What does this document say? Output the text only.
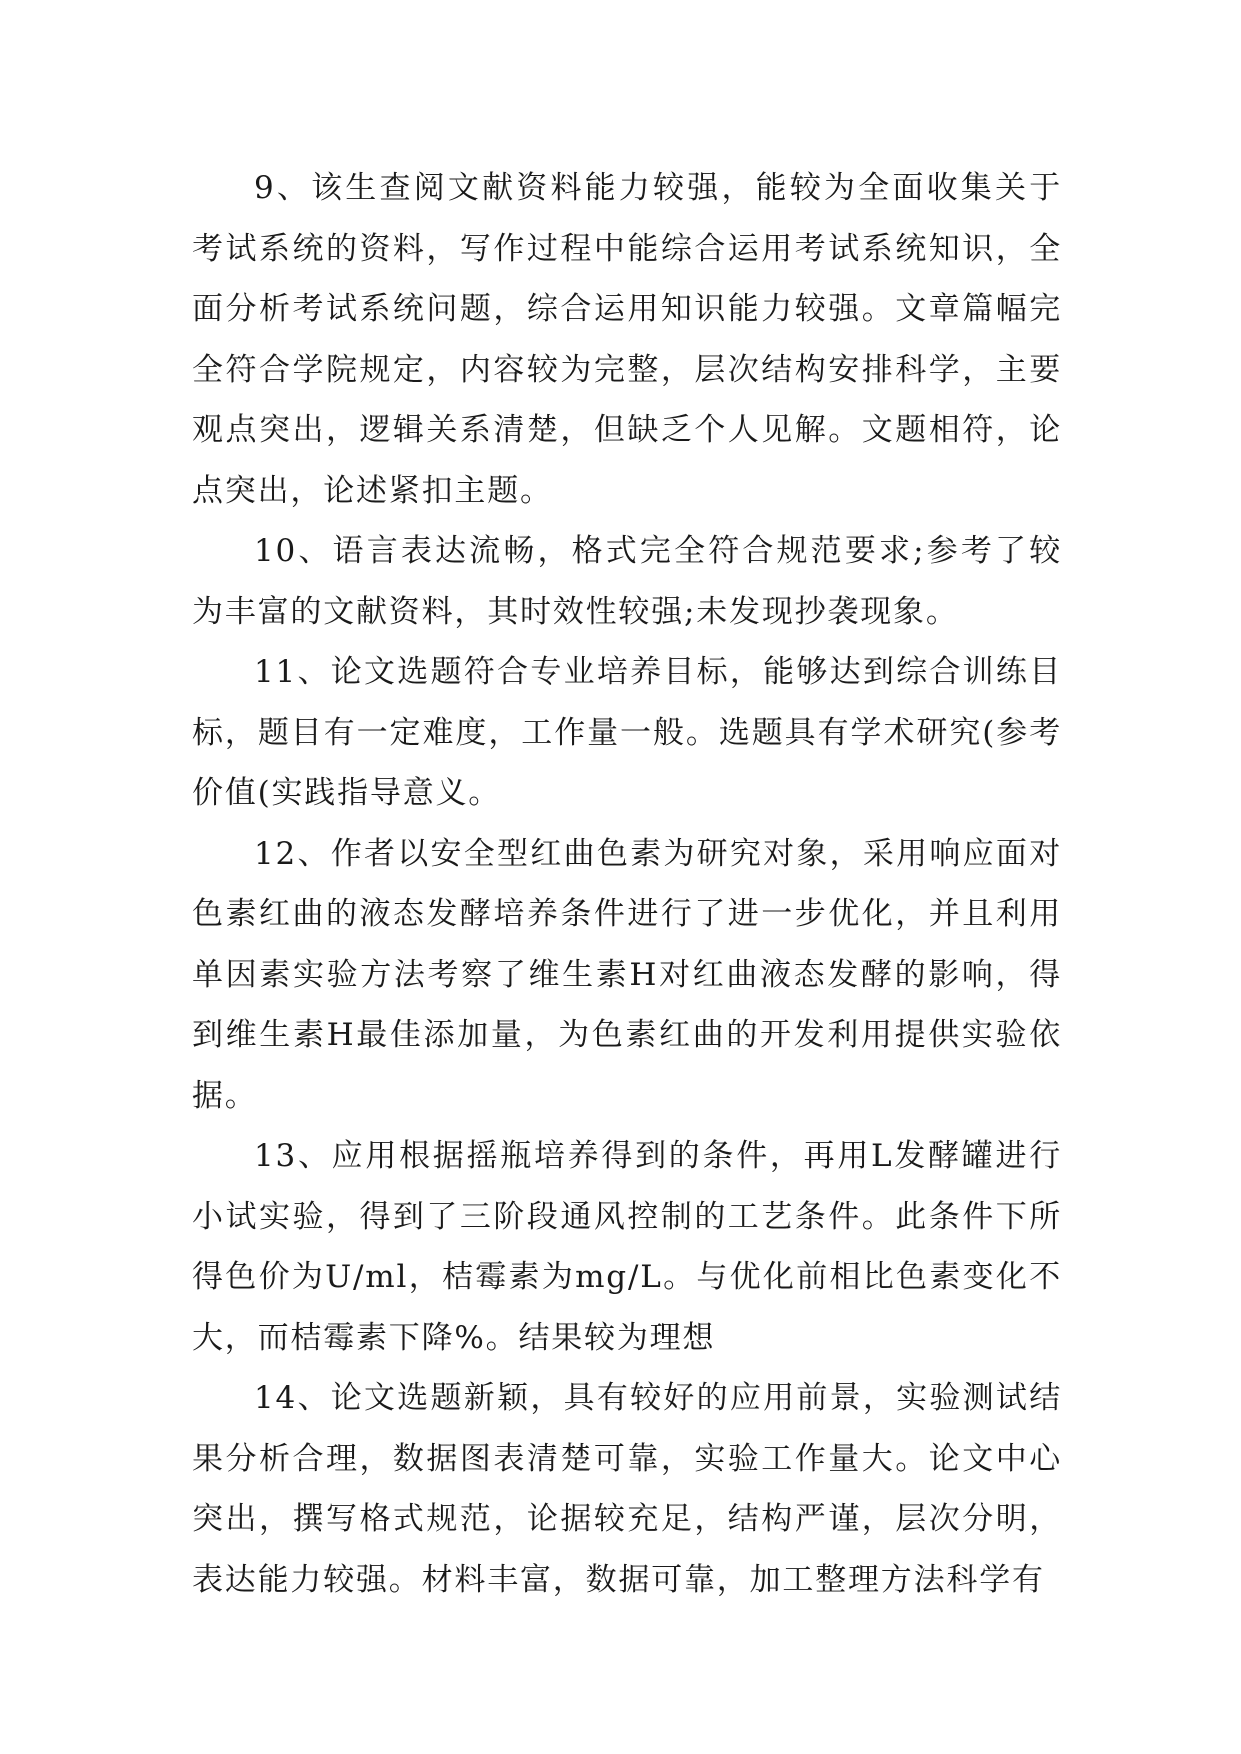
9、该生查阅文献资料能力较强，能较为全面收集关于考试系统的资料，写作过程中能综合运用考试系统知识，全面分析考试系统问题，综合运用知识能力较强。文章篇幅完全符合学院规定，内容较为完整，层次结构安排科学，主要观点突出，逻辑关系清楚，但缺乏个人见解。文题相符，论点突出，论述紧扣主题。

10、语言表达流畅，格式完全符合规范要求;参考了较为丰富的文献资料，其时效性较强;未发现抄袭现象。

11、论文选题符合专业培养目标，能够达到综合训练目标，题目有一定难度，工作量一般。选题具有学术研究(参考价值(实践指导意义。

12、作者以安全型红曲色素为研究对象，采用响应面对色素红曲的液态发酵培养条件进行了进一步优化，并且利用单因素实验方法考察了维生素H对红曲液态发酵的影响，得到维生素H最佳添加量，为色素红曲的开发利用提供实验依据。

13、应用根据摇瓶培养得到的条件，再用L发酵罐进行小试实验，得到了三阶段通风控制的工艺条件。此条件下所得色价为U/ml，桔霉素为mg/L。与优化前相比色素变化不大，而桔霉素下降%。结果较为理想

14、论文选题新颖，具有较好的应用前景，实验测试结果分析合理，数据图表清楚可靠，实验工作量大。论文中心突出，撰写格式规范，论据较充足，结构严谨，层次分明，表达能力较强。材料丰富，数据可靠，加工整理方法科学有
